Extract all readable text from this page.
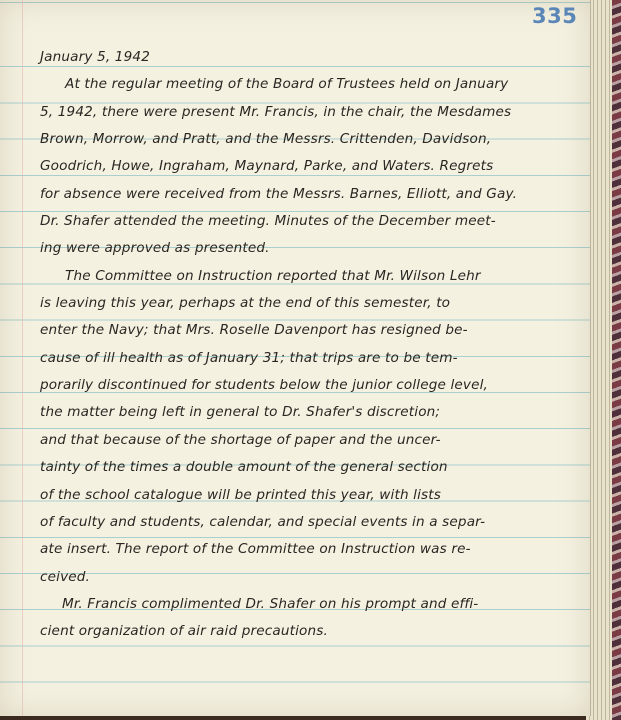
335
January 5, 1942
At the regular meeting of the Board of Trustees held on January
5, 1942, there were present Mr. Francis, in the chair, the Mesdames
Brown, Morrow, and Pratt, and the Messrs. Crittenden, Davidson,
Goodrich, Howe, Ingraham, Maynard, Parke, and Waters. Regrets
for absence were received from the Messrs. Barnes, Elliott, and Gay.
Dr. Shafer attended the meeting. Minutes of the December meet-
ing were approved as presented.
The Committee on Instruction reported that Mr. Wilson Lehr
is leaving this year, perhaps at the end of this semester, to
enter the Navy; that Mrs. Roselle Davenport has resigned be-
cause of ill health as of January 31; that trips are to be tem-
porarily discontinued for students below the junior college level,
the matter being left in general to Dr. Shafer's discretion;
and that because of the shortage of paper and the uncer-
tainty of the times a double amount of the general section
of the school catalogue will be printed this year, with lists
of faculty and students, calendar, and special events in a separ-
ate insert. The report of the Committee on Instruction was re-
ceived.
Mr. Francis complimented Dr. Shafer on his prompt and effi-
cient organization of air raid precautions.
